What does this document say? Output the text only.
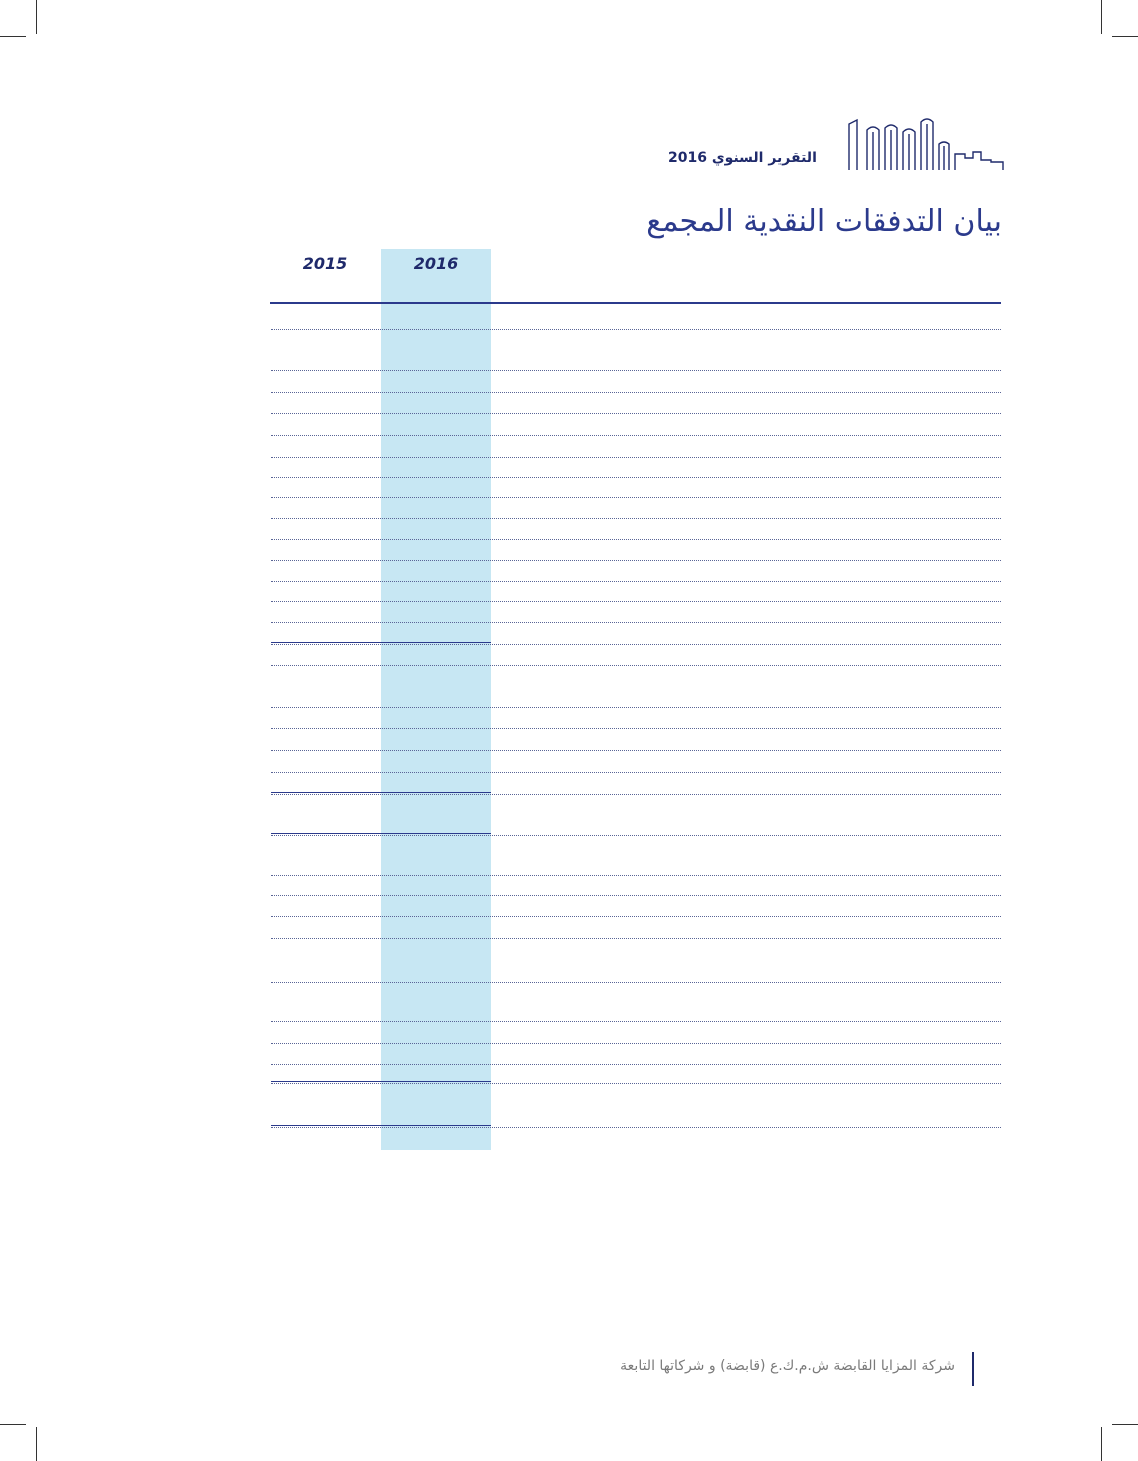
التقرير السنوي 2016
بيان التدفقات النقدية المجمع
2015	2016
شركة المزايا القابضة ش.م.ك.ع (قابضة) و شركاتها التابعة
